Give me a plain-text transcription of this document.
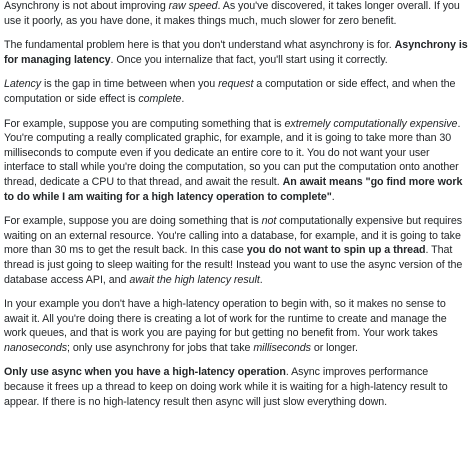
Asynchrony is not about improving raw speed. As you've discovered, it takes longer overall. If you use it poorly, as you have done, it makes things much, much slower for zero benefit.

The fundamental problem here is that you don't understand what asynchrony is for. Asynchrony is for managing latency. Once you internalize that fact, you'll start using it correctly.

Latency is the gap in time between when you request a computation or side effect, and when the computation or side effect is complete.

For example, suppose you are computing something that is extremely computationally expensive. You're computing a really complicated graphic, for example, and it is going to take more than 30 milliseconds to compute even if you dedicate an entire core to it. You do not want your user interface to stall while you're doing the computation, so you can put the computation onto another thread, dedicate a CPU to that thread, and await the result. An await means "go find more work to do while I am waiting for a high latency operation to complete".

For example, suppose you are doing something that is not computationally expensive but requires waiting on an external resource. You're calling into a database, for example, and it is going to take more than 30 ms to get the result back. In this case you do not want to spin up a thread. That thread is just going to sleep waiting for the result! Instead you want to use the async version of the database access API, and await the high latency result.

In your example you don't have a high-latency operation to begin with, so it makes no sense to await it. All you're doing there is creating a lot of work for the runtime to create and manage the work queues, and that is work you are paying for but getting no benefit from. Your work takes nanoseconds; only use asynchrony for jobs that take milliseconds or longer.

Only use async when you have a high-latency operation. Async improves performance because it frees up a thread to keep on doing work while it is waiting for a high-latency result to appear. If there is no high-latency result then async will just slow everything down.
